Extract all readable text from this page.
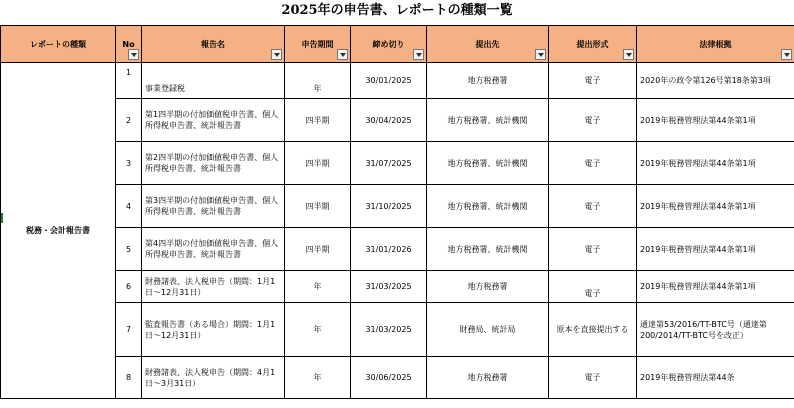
2025年の申告書、レポートの種類一覧
レポートの種類	No	報告名	申告期間	締め切り	提出先	提出形式	法律根拠

税務・会計報告書	1	事業登録税	年	30/01/2025	地方税務署	電子	2020年の政令第126号第18条第3項
	2	第1四半期の付加価値税申告書、個人所得税申告書、統計報告書	四半期	30/04/2025	地方税務署、統計機関	電子	2019年税務管理法第44条第1項
	3	第2四半期の付加価値税申告書、個人所得税申告書、統計報告書	四半期	31/07/2025	地方税務署、統計機関	電子	2019年税務管理法第44条第1項
	4	第3四半期の付加価値税申告書、個人所得税申告書、統計報告書	四半期	31/10/2025	地方税務署、統計機関	電子	2019年税務管理法第44条第1項
	5	第4四半期の付加価値税申告書、個人所得税申告書、統計報告書	四半期	31/01/2026	地方税務署、統計機関	電子	2019年税務管理法第44条第1項
	6	財務諸表、法人税申告（期間：1月1日～12月31日）	年	31/03/2025	地方税務署	電子	2019年税務管理法第44条第1項
	7	監査報告書（ある場合）期間：1月1日～12月31日）	年	31/03/2025	財務局、統計局	原本を直接提出する	通達第53/2016/TT-BTC号（通達第200/2014/TT-BTC号を改正）
	8	財務諸表、法人税申告（期間：4月1日～3月31日）	年	30/06/2025	地方税務署	電子	2019年税務管理法第44条
